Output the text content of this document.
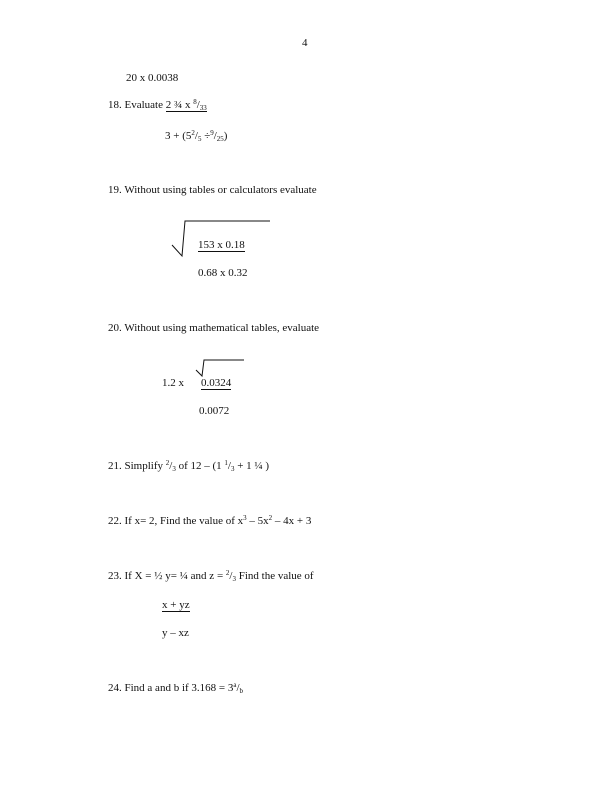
4
20 x 0.0038
18. Evaluate 2 ¾ x $^8/_{33}$
$3 + (5^2/_5 \div^9/_{25})$
19. Without using tables or calculators evaluate
153 x 0.18
0.68 x 0.32
20. Without using mathematical tables, evaluate
1.2 x 0.0324
0.0072
21. Simplify $^2/_3$ of 12 – (1 $^1/_3 + 1$ ¼ )
22. If x= 2, Find the value of $x^3 - 5x^2 - 4x + 3$
23. If X = ½ y= ¼ and $z = ^2/_3$ Find the value of
x + yz
y – xz
24. Find a and b if $3.168 = 3^a/_b$
